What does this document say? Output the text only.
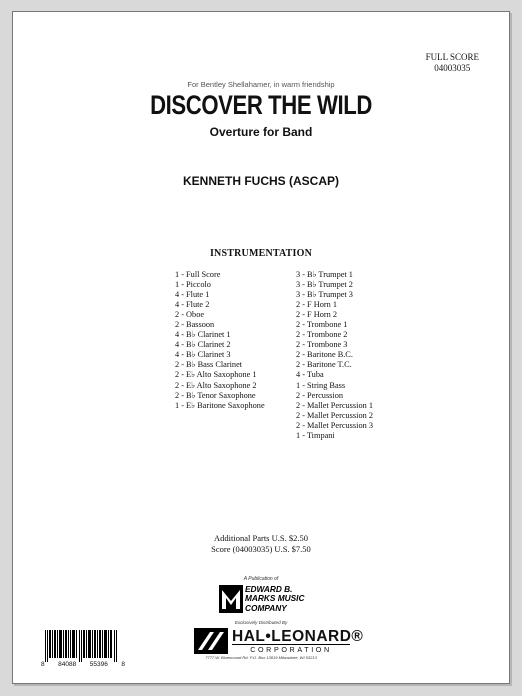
FULL SCORE
04003035
For Bentley Shellahamer, in warm friendship
DISCOVER THE WILD
Overture for Band
KENNETH FUCHS (ASCAP)
INSTRUMENTATION
1 - Full Score
1 - Piccolo
4 - Flute 1
4 - Flute 2
2 - Oboe
2 - Bassoon
4 - B♭ Clarinet 1
4 - B♭ Clarinet 2
4 - B♭ Clarinet 3
2 - B♭ Bass Clarinet
2 - E♭ Alto Saxophone 1
2 - E♭ Alto Saxophone 2
2 - B♭ Tenor Saxophone
1 - E♭ Baritone Saxophone
3 - B♭ Trumpet 1
3 - B♭ Trumpet 2
3 - B♭ Trumpet 3
2 - F Horn 1
2 - F Horn 2
2 - Trombone 1
2 - Trombone 2
2 - Trombone 3
2 - Baritone B.C.
2 - Baritone T.C.
4 - Tuba
1 - String Bass
2 - Percussion
2 - Mallet Percussion 1
2 - Mallet Percussion 2
2 - Mallet Percussion 3
1 - Timpani
Additional Parts U.S. $2.50
Score (04003035) U.S. $7.50
A Publication of
EDWARD B.
MARKS MUSIC
COMPANY
Exclusively Distributed By
HAL•LEONARD®
CORPORATION
7777 W. Bluemound Rd. P.O. Box 13819 Milwaukee, WI 53213
8 84088 55396 8
